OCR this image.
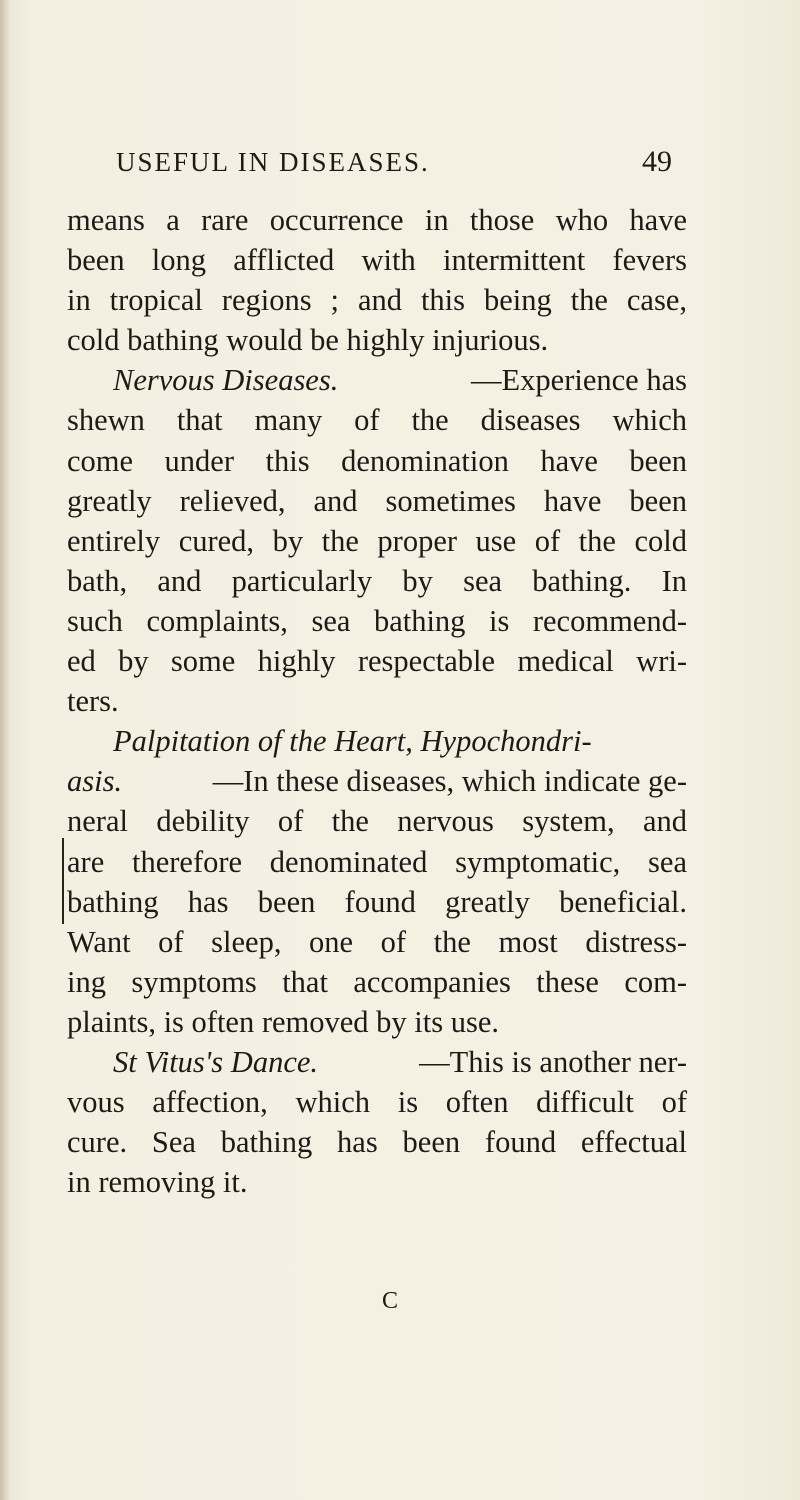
USEFUL IN DISEASES.	49
means a rare occurrence in those who have
been long afflicted with intermittent fevers
in tropical regions ; and this being the case,
cold bathing would be highly injurious.
Nervous Diseases.	—Experience has
shewn that many of the diseases which
come under this denomination have been
greatly relieved, and sometimes have been
entirely cured, by the proper use of the cold
bath, and particularly by sea bathing. In
such complaints, sea bathing is recommend-
ed by some highly respectable medical wri-
ters.
Palpitation of the Heart, Hypochondri-
asis.	—In these diseases, which indicate ge-
neral debility of the nervous system, and
are therefore denominated symptomatic, sea
bathing has been found greatly beneficial.
Want of sleep, one of the most distress-
ing symptoms that accompanies these com-
plaints, is often removed by its use.
St Vitus's Dance.	—This is another ner-
vous affection, which is often difficult of
cure. Sea bathing has been found effectual
in removing it.
C
